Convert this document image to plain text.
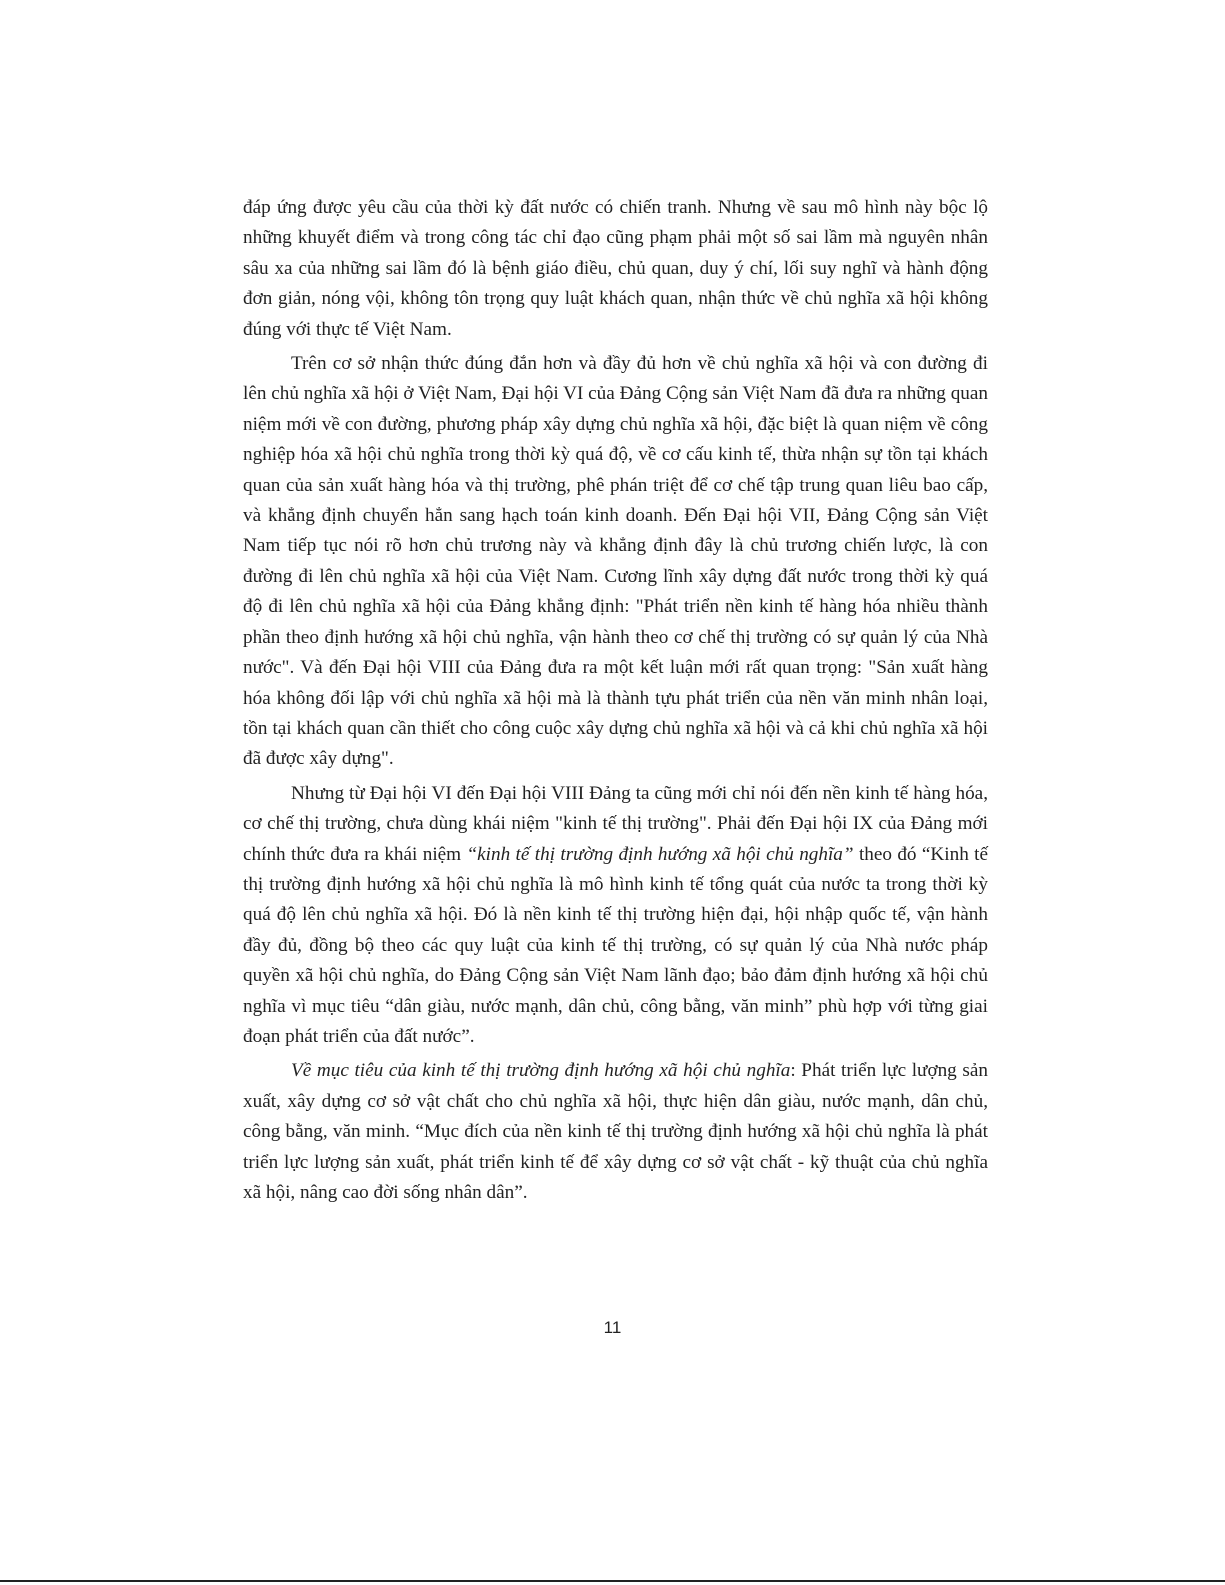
đáp ứng được yêu cầu của thời kỳ đất nước có chiến tranh. Nhưng về sau mô hình này bộc lộ những khuyết điểm và trong công tác chỉ đạo cũng phạm phải một số sai lầm mà nguyên nhân sâu xa của những sai lầm đó là bệnh giáo điều, chủ quan, duy ý chí, lối suy nghĩ và hành động đơn giản, nóng vội, không tôn trọng quy luật khách quan, nhận thức về chủ nghĩa xã hội không đúng với thực tế Việt Nam.

Trên cơ sở nhận thức đúng đắn hơn và đầy đủ hơn về chủ nghĩa xã hội và con đường đi lên chủ nghĩa xã hội ở Việt Nam, Đại hội VI của Đảng Cộng sản Việt Nam đã đưa ra những quan niệm mới về con đường, phương pháp xây dựng chủ nghĩa xã hội, đặc biệt là quan niệm về công nghiệp hóa xã hội chủ nghĩa trong thời kỳ quá độ, về cơ cấu kinh tế, thừa nhận sự tồn tại khách quan của sản xuất hàng hóa và thị trường, phê phán triệt để cơ chế tập trung quan liêu bao cấp, và khẳng định chuyển hẳn sang hạch toán kinh doanh. Đến Đại hội VII, Đảng Cộng sản Việt Nam tiếp tục nói rõ hơn chủ trương này và khẳng định đây là chủ trương chiến lược, là con đường đi lên chủ nghĩa xã hội của Việt Nam. Cương lĩnh xây dựng đất nước trong thời kỳ quá độ đi lên chủ nghĩa xã hội của Đảng khẳng định: "Phát triển nền kinh tế hàng hóa nhiều thành phần theo định hướng xã hội chủ nghĩa, vận hành theo cơ chế thị trường có sự quản lý của Nhà nước". Và đến Đại hội VIII của Đảng đưa ra một kết luận mới rất quan trọng: "Sản xuất hàng hóa không đối lập với chủ nghĩa xã hội mà là thành tựu phát triển của nền văn minh nhân loại, tồn tại khách quan cần thiết cho công cuộc xây dựng chủ nghĩa xã hội và cả khi chủ nghĩa xã hội đã được xây dựng".

Nhưng từ Đại hội VI đến Đại hội VIII Đảng ta cũng mới chỉ nói đến nền kinh tế hàng hóa, cơ chế thị trường, chưa dùng khái niệm "kinh tế thị trường". Phải đến Đại hội IX của Đảng mới chính thức đưa ra khái niệm “kinh tế thị trường định hướng xã hội chủ nghĩa” theo đó “Kinh tế thị trường định hướng xã hội chủ nghĩa là mô hình kinh tế tổng quát của nước ta trong thời kỳ quá độ lên chủ nghĩa xã hội. Đó là nền kinh tế thị trường hiện đại, hội nhập quốc tế, vận hành đầy đủ, đồng bộ theo các quy luật của kinh tế thị trường, có sự quản lý của Nhà nước pháp quyền xã hội chủ nghĩa, do Đảng Cộng sản Việt Nam lãnh đạo; bảo đảm định hướng xã hội chủ nghĩa vì mục tiêu “dân giàu, nước mạnh, dân chủ, công bằng, văn minh” phù hợp với từng giai đoạn phát triển của đất nước”.

Về mục tiêu của kinh tế thị trường định hướng xã hội chủ nghĩa: Phát triển lực lượng sản xuất, xây dựng cơ sở vật chất cho chủ nghĩa xã hội, thực hiện dân giàu, nước mạnh, dân chủ, công bằng, văn minh. “Mục đích của nền kinh tế thị trường định hướng xã hội chủ nghĩa là phát triển lực lượng sản xuất, phát triển kinh tế để xây dựng cơ sở vật chất - kỹ thuật của chủ nghĩa xã hội, nâng cao đời sống nhân dân”.

11
